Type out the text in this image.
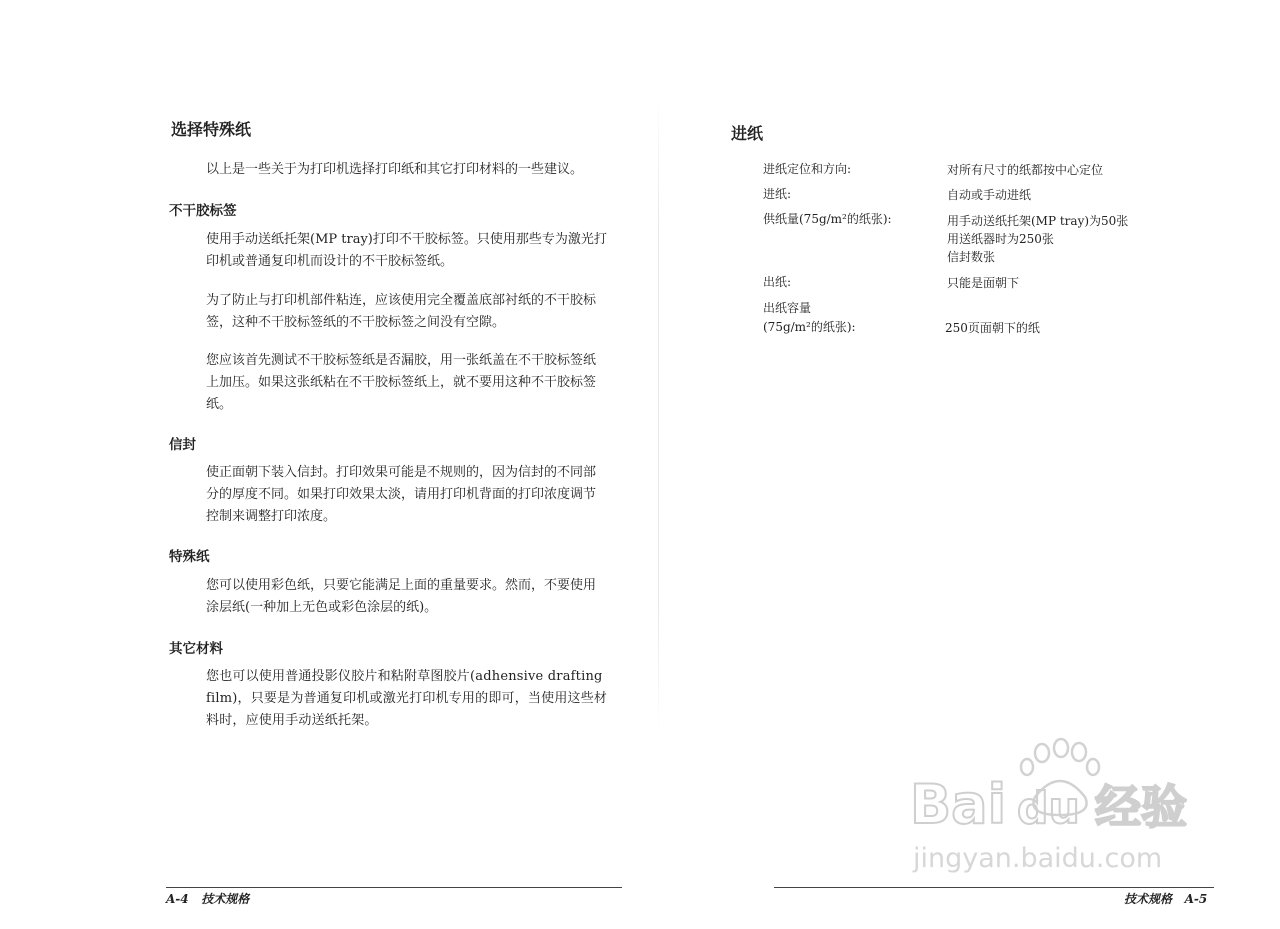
选择特殊纸
以上是一些关于为打印机选择打印纸和其它打印材料的一些建议。
不干胶标签
使用手动送纸托架(MP tray)打印不干胶标签。只使用那些专为激光打
印机或普通复印机而设计的不干胶标签纸。
为了防止与打印机部件粘连，应该使用完全覆盖底部衬纸的不干胶标
签，这种不干胶标签纸的不干胶标签之间没有空隙。
您应该首先测试不干胶标签纸是否漏胶，用一张纸盖在不干胶标签纸
上加压。如果这张纸粘在不干胶标签纸上，就不要用这种不干胶标签
纸。
信封
使正面朝下装入信封。打印效果可能是不规则的，因为信封的不同部
分的厚度不同。如果打印效果太淡，请用打印机背面的打印浓度调节
控制来调整打印浓度。
特殊纸
您可以使用彩色纸，只要它能满足上面的重量要求。然而，不要使用
涂层纸(一种加上无色或彩色涂层的纸)。
其它材料
您也可以使用普通投影仪胶片和粘附草图胶片(adhensive drafting
film)，只要是为普通复印机或激光打印机专用的即可，当使用这些材
料时，应使用手动送纸托架。
A-4 技术规格
进纸
进纸定位和方向:	对所有尺寸的纸都按中心定位
进纸:	自动或手动进纸
供纸量(75g/m²的纸张):	用手动送纸托架(MP tray)为50张
用送纸器时为250张
信封数张
出纸:	只能是面朝下
出纸容量
(75g/m²的纸张):	250页面朝下的纸
技术规格 A-5
Bai du 经验
jingyan.baidu.com
